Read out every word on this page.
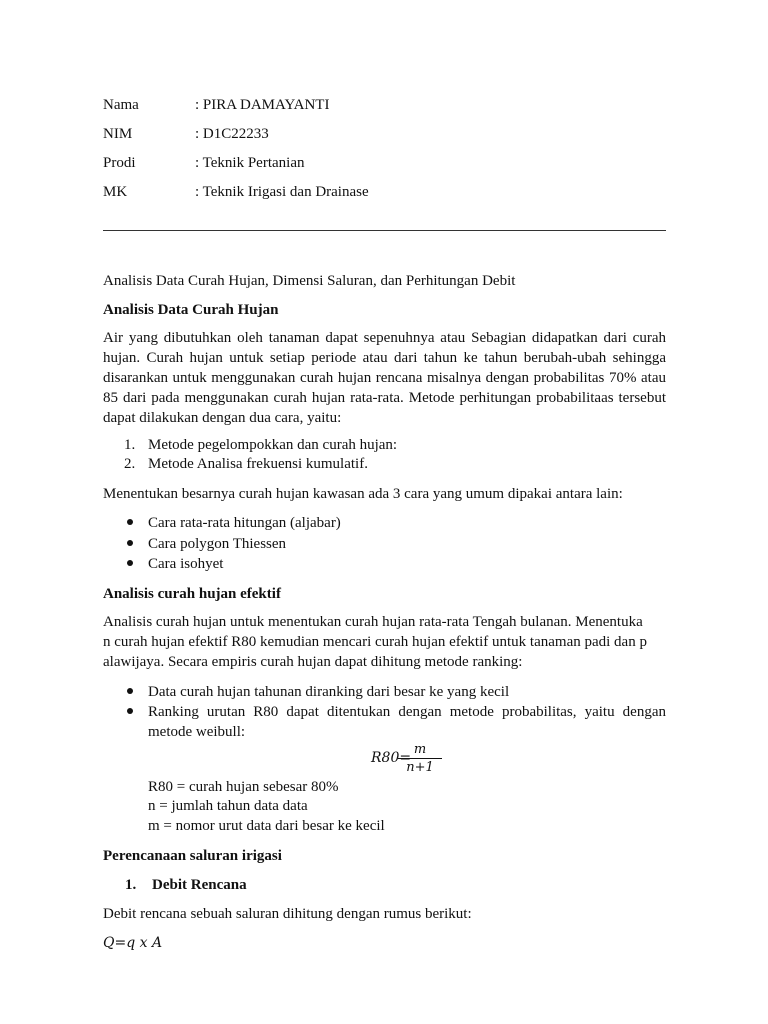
Nama	: PIRA DAMAYANTI
NIM	: D1C22233
Prodi	: Teknik Pertanian
MK	: Teknik Irigasi dan Drainase
Analisis Data Curah Hujan, Dimensi Saluran, dan Perhitungan Debit
Analisis Data Curah Hujan
Air yang dibutuhkan oleh tanaman dapat sepenuhnya atau Sebagian didapatkan dari curah hujan. Curah hujan untuk setiap periode atau dari tahun ke tahun berubah-ubah sehingga disarankan untuk menggunakan curah hujan rencana misalnya dengan probabilitas 70% atau 85 dari pada menggunakan curah hujan rata-rata. Metode perhitungan probabilitaas tersebut dapat dilakukan dengan dua cara, yaitu:
1. Metode pegelompokkan dan curah hujan:
2. Metode Analisa frekuensi kumulatif.
Menentukan besarnya curah hujan kawasan ada 3 cara yang umum dipakai antara lain:
Cara rata-rata hitungan (aljabar)
Cara polygon Thiessen
Cara isohyet
Analisis curah hujan efektif
Analisis curah hujan untuk menentukan curah hujan rata-rata Tengah bulanan. Menentuka
n curah hujan efektif R80 kemudian mencari curah hujan efektif untuk tanaman padi dan p
alawijaya. Secara empiris curah hujan dapat dihitung metode ranking:
Data curah hujan tahunan diranking dari besar ke yang kecil
Ranking urutan R80 dapat ditentukan dengan metode probabilitas, yaitu dengan metode weibull:
R80=
m
n+1
R80 = curah hujan sebesar 80%
n = jumlah tahun data data
m = nomor urut data dari besar ke kecil
Perencanaan saluran irigasi
1. Debit Rencana
Debit rencana sebuah saluran dihitung dengan rumus berikut:
Q=q x A
